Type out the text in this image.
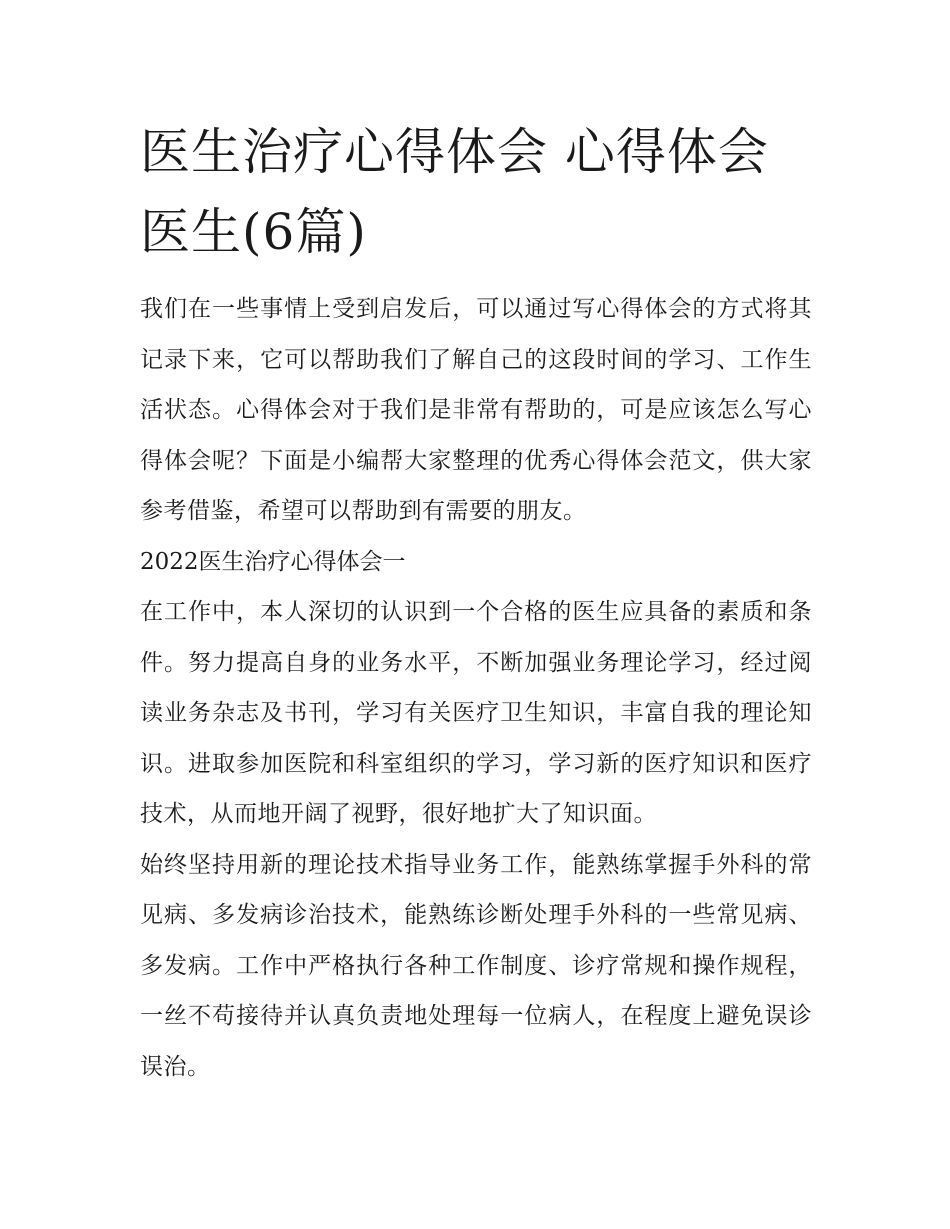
医生治疗心得体会 心得体会医生(6篇)

我们在一些事情上受到启发后，可以通过写心得体会的方式将其记录下来，它可以帮助我们了解自己的这段时间的学习、工作生活状态。心得体会对于我们是非常有帮助的，可是应该怎么写心得体会呢？下面是小编帮大家整理的优秀心得体会范文，供大家参考借鉴，希望可以帮助到有需要的朋友。

2022医生治疗心得体会一

在工作中，本人深切的认识到一个合格的医生应具备的素质和条件。努力提高自身的业务水平，不断加强业务理论学习，经过阅读业务杂志及书刊，学习有关医疗卫生知识，丰富自我的理论知识。进取参加医院和科室组织的学习，学习新的医疗知识和医疗技术，从而地开阔了视野，很好地扩大了知识面。

始终坚持用新的理论技术指导业务工作，能熟练掌握手外科的常见病、多发病诊治技术，能熟练诊断处理手外科的一些常见病、多发病。工作中严格执行各种工作制度、诊疗常规和操作规程，一丝不苟接待并认真负责地处理每一位病人，在程度上避免误诊误治。
